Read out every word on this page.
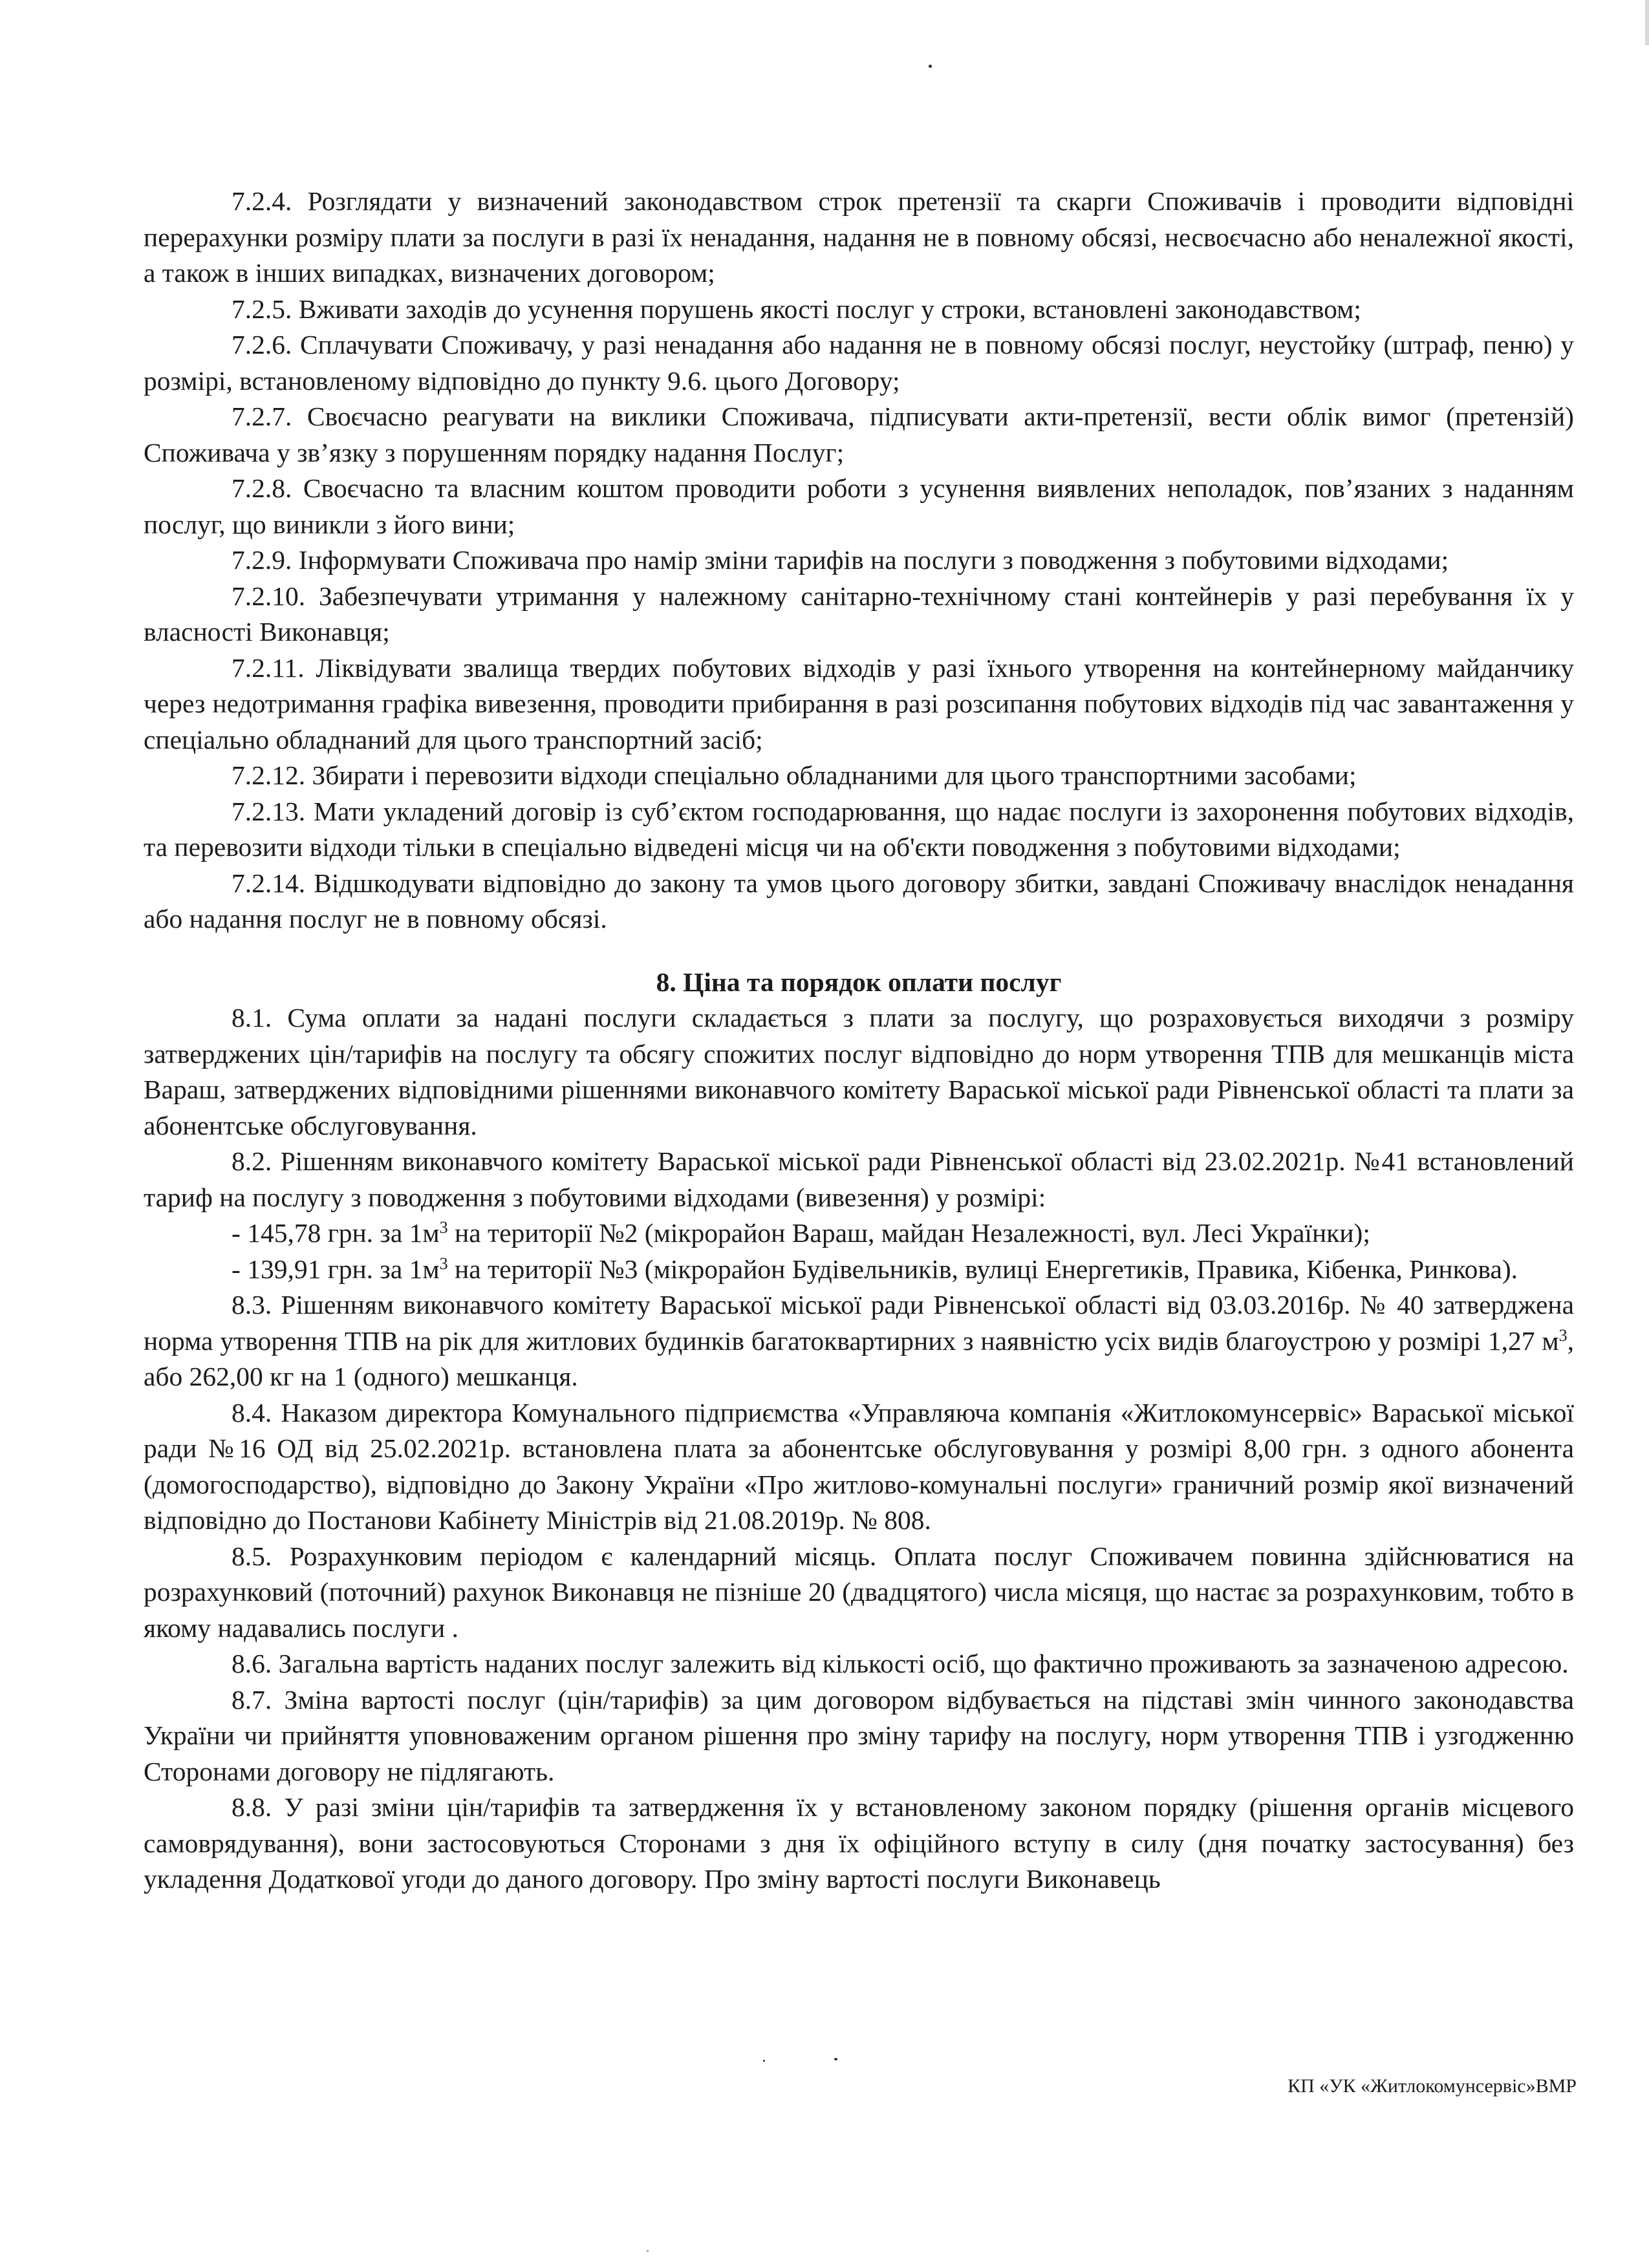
7.2.4. Розглядати у визначений законодавством строк претензії та скарги Споживачів і проводити відповідні перерахунки розміру плати за послуги в разі їх ненадання, надання не в повному обсязі, несвоєчасно або неналежної якості, а також в інших випадках, визначених договором;

7.2.5. Вживати заходів до усунення порушень якості послуг у строки, встановлені законодавством;

7.2.6. Сплачувати Споживачу, у разі ненадання або надання не в повному обсязі послуг, неустойку (штраф, пеню) у розмірі, встановленому відповідно до пункту 9.6. цього Договору;

7.2.7. Своєчасно реагувати на виклики Споживача, підписувати акти-претензії, вести облік вимог (претензій) Споживача у зв’язку з порушенням порядку надання Послуг;

7.2.8. Своєчасно та власним коштом проводити роботи з усунення виявлених неполадок, пов’язаних з наданням послуг, що виникли з його вини;

7.2.9. Інформувати Споживача про намір зміни тарифів на послуги з поводження з побутовими відходами;

7.2.10. Забезпечувати утримання у належному санітарно-технічному стані контейнерів у разі перебування їх у власності Виконавця;

7.2.11. Ліквідувати звалища твердих побутових відходів у разі їхнього утворення на контейнерному майданчику через недотримання графіка вивезення, проводити прибирання в разі розсипання побутових відходів під час завантаження у спеціально обладнаний для цього транспортний засіб;

7.2.12. Збирати і перевозити відходи спеціально обладнаними для цього транспортними засобами;

7.2.13. Мати укладений договір із суб’єктом господарювання, що надає послуги із захоронення побутових відходів, та перевозити відходи тільки в спеціально відведені місця чи на об'єкти поводження з побутовими відходами;

7.2.14. Відшкодувати відповідно до закону та умов цього договору збитки, завдані Споживачу внаслідок ненадання або надання послуг не в повному обсязі.

8. Ціна та порядок оплати послуг

8.1. Сума оплати за надані послуги складається з плати за послугу, що розраховується виходячи з розміру затверджених цін/тарифів на послугу та обсягу спожитих послуг відповідно до норм утворення ТПВ для мешканців міста Вараш, затверджених відповідними рішеннями виконавчого комітету Вараської міської ради Рівненської області та плати за абонентське обслуговування.

8.2. Рішенням виконавчого комітету Вараської міської ради Рівненської області від 23.02.2021р. №41 встановлений тариф на послугу з поводження з побутовими відходами (вивезення) у розмірі:

- 145,78 грн. за $1м^3$ на території №2 (мікрорайон Вараш, майдан Незалежності, вул. Лесі Українки);

- 139,91 грн. за $1м^3$ на території №3 (мікрорайон Будівельників, вулиці Енергетиків, Правика, Кібенка, Ринкова).

8.3. Рішенням виконавчого комітету Вараської міської ради Рівненської області від 03.03.2016р. № 40 затверджена норма утворення ТПВ на рік для житлових будинків багатоквартирних з наявністю усіх видів благоустрою у розмірі 1,27 $м^3$, або 262,00 кг на 1 (одного) мешканця.

8.4. Наказом директора Комунального підприємства «Управляюча компанія «Житлокомунсервіс» Вараської міської ради №16 ОД від 25.02.2021р. встановлена плата за абонентське обслуговування у розмірі 8,00 грн. з одного абонента (домогосподарство), відповідно до Закону України «Про житлово-комунальні послуги» граничний розмір якої визначений відповідно до Постанови Кабінету Міністрів від 21.08.2019р. № 808.

8.5. Розрахунковим періодом є календарний місяць. Оплата послуг Споживачем повинна здійснюватися на розрахунковий (поточний) рахунок Виконавця не пізніше 20 (двадцятого) числа місяця, що настає за розрахунковим, тобто в якому надавались послуги .

8.6. Загальна вартість наданих послуг залежить від кількості осіб, що фактично проживають за зазначеною адресою.

8.7. Зміна вартості послуг (цін/тарифів) за цим договором відбувається на підставі змін чинного законодавства України чи прийняття уповноваженим органом рішення про зміну тарифу на послугу, норм утворення ТПВ і узгодженню Сторонами договору не підлягають.

8.8. У разі зміни цін/тарифів та затвердження їх у встановленому законом порядку (рішення органів місцевого самоврядування), вони застосовуються Сторонами з дня їх офіційного вступу в силу (дня початку застосування) без укладення Додаткової угоди до даного договору. Про зміну вартості послуги Виконавець

КП «УК «Житлокомунсервіс»ВМР
